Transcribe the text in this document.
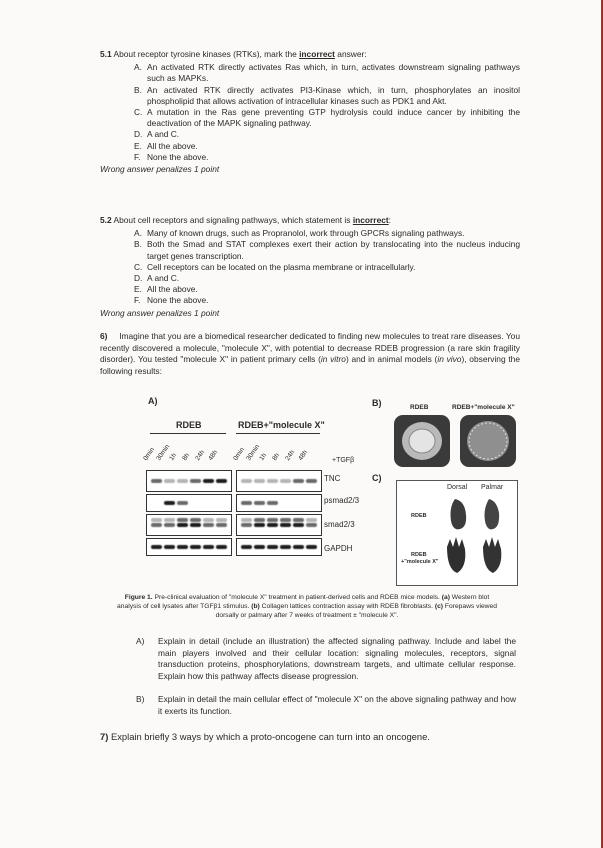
5.1 About receptor tyrosine kinases (RTKs), mark the incorrect answer:
A. An activated RTK directly activates Ras which, in turn, activates downstream signaling pathways such as MAPKs.
B. An activated RTK directly activates PI3-Kinase which, in turn, phosphorylates an inositol phospholipid that allows activation of intracellular kinases such as PDK1 and Akt.
C. A mutation in the Ras gene preventing GTP hydrolysis could induce cancer by inhibiting the deactivation of the MAPK signaling pathway.
D. A and C.
E. All the above.
F. None the above.
Wrong answer penalizes 1 point
5.2 About cell receptors and signaling pathways, which statement is incorrect:
A. Many of known drugs, such as Propranolol, work through GPCRs signaling pathways.
B. Both the Smad and STAT complexes exert their action by translocating into the nucleus inducing target genes transcription.
C. Cell receptors can be located on the plasma membrane or intracellularly.
D. A and C.
E. All the above.
F. None the above.
Wrong answer penalizes 1 point
6) Imagine that you are a biomedical researcher dedicated to finding new molecules to treat rare diseases. You recently discovered a molecule, "molecule X", with potential to decrease RDEB progression (a rare skin fragility disorder). You tested "molecule X" in patient primary cells (in vitro) and in animal models (in vivo), observing the following results:
A)	B)
C)
RDEB	RDEB+"molecule X"
0min 30min
1h 8h 24h 48h 0min 30min
1h 8h 24h 48h	+TGFβ
TNC
psmad2/3
smad2/3
GAPDH
RDEB	RDEB+"molecule X"
Dorsal Palmar
RDEB
RDEB
+"molecule X"
Figure 1. Pre-clinical evaluation of "molecule X" treatment in patient-derived cells and RDEB mice models. (a) Western blot analysis of cell lysates after TGFβ1 stimulus. (b) Collagen lattices contraction assay with RDEB fibroblasts. (c) Forepaws viewed dorsally or palmary after 7 weeks of treatment ± "molecule X".
A)	Explain in detail (include an illustration) the affected signaling pathway. Include and label the main players involved and their cellular location: signaling molecules, receptors, signal transduction proteins, phosphorylations, downstream targets, and ultimate cellular response. Explain how this pathway affects disease progression.
B)	Explain in detail the main cellular effect of "molecule X" on the above signaling pathway and how it exerts its function.
7) Explain briefly 3 ways by which a proto-oncogene can turn into an oncogene.
